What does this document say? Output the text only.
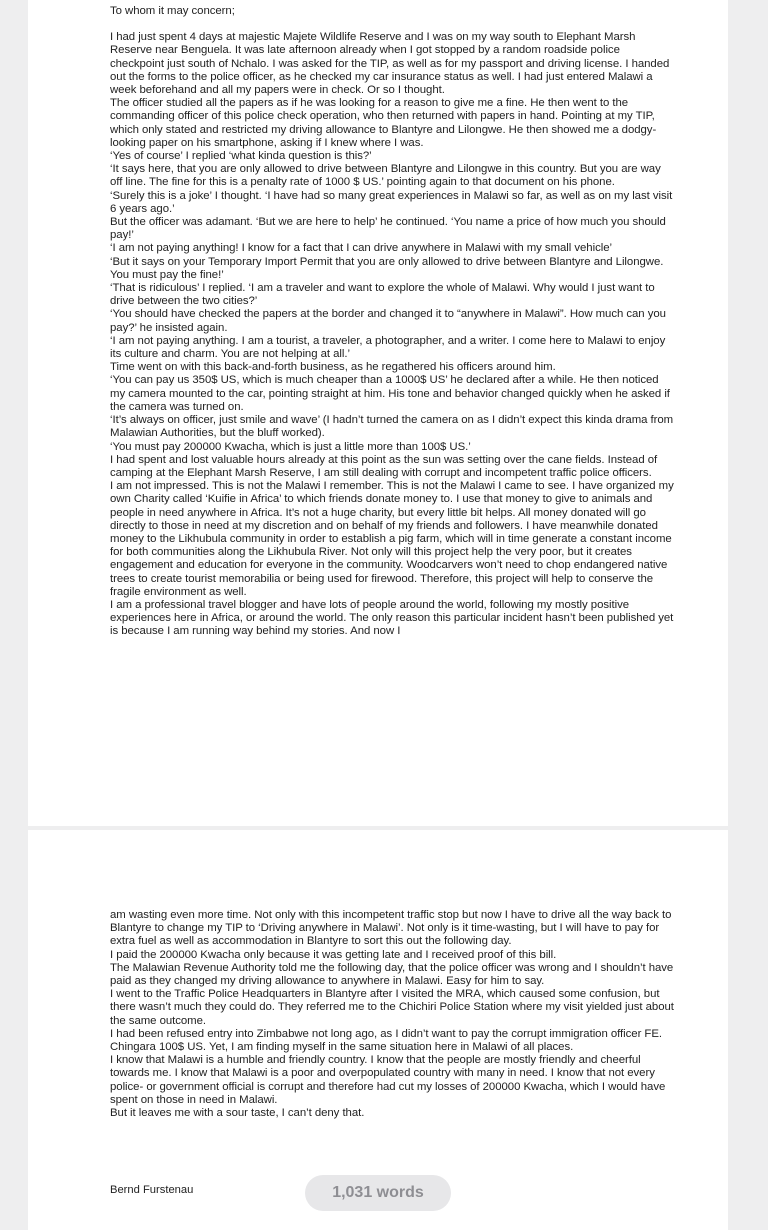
To whom it may concern;

I had just spent 4 days at majestic Majete Wildlife Reserve and I was on my way south to Elephant Marsh Reserve near Benguela. It was late afternoon already when I got stopped by a random roadside police checkpoint just south of Nchalo. I was asked for the TIP, as well as for my passport and driving license. I handed out the forms to the police officer, as he checked my car insurance status as well. I had just entered Malawi a week beforehand and all my papers were in check. Or so I thought.

The officer studied all the papers as if he was looking for a reason to give me a fine. He then went to the commanding officer of this police check operation, who then returned with papers in hand. Pointing at my TIP, which only stated and restricted my driving allowance to Blantyre and Lilongwe. He then showed me a dodgy-looking paper on his smartphone, asking if I knew where I was.

‘Yes of course’ I replied ‘what kinda question is this?’

‘It says here, that you are only allowed to drive between Blantyre and Lilongwe in this country. But you are way off line. The fine for this is a penalty rate of 1000 $ US.’ pointing again to that document on his phone.

‘Surely this is a joke’ I thought. ‘I have had so many great experiences in Malawi so far, as well as on my last visit 6 years ago.’

But the officer was adamant. ‘But we are here to help’ he continued. ‘You name a price of how much you should pay!’

‘I am not paying anything! I know for a fact that I can drive anywhere in Malawi with my small vehicle’

‘But it says on your Temporary Import Permit that you are only allowed to drive between Blantyre and Lilongwe. You must pay the fine!’

‘That is ridiculous’ I replied. ‘I am a traveler and want to explore the whole of Malawi. Why would I just want to drive between the two cities?’

‘You should have checked the papers at the border and changed it to “anywhere in Malawi”. How much can you pay?’ he insisted again.

‘I am not paying anything. I am a tourist, a traveler, a photographer, and a writer. I come here to Malawi to enjoy its culture and charm. You are not helping at all.’

Time went on with this back-and-forth business, as he regathered his officers around him.

‘You can pay us 350$ US, which is much cheaper than a 1000$ US’ he declared after a while. He then noticed my camera mounted to the car, pointing straight at him. His tone and behavior changed quickly when he asked if the camera was turned on.

‘It’s always on officer, just smile and wave’ (I hadn’t turned the camera on as I didn’t expect this kinda drama from Malawian Authorities, but the bluff worked).

‘You must pay 200000 Kwacha, which is just a little more than 100$ US.’

I had spent and lost valuable hours already at this point as the sun was setting over the cane fields. Instead of camping at the Elephant Marsh Reserve, I am still dealing with corrupt and incompetent traffic police officers.

I am not impressed. This is not the Malawi I remember. This is not the Malawi I came to see. I have organized my own Charity called ‘Kuifie in Africa’ to which friends donate money to. I use that money to give to animals and people in need anywhere in Africa. It’s not a huge charity, but every little bit helps. All money donated will go directly to those in need at my discretion and on behalf of my friends and followers. I have meanwhile donated money to the Likhubula community in order to establish a pig farm, which will in time generate a constant income for both communities along the Likhubula River. Not only will this project help the very poor, but it creates engagement and education for everyone in the community. Woodcarvers won’t need to chop endangered native trees to create tourist memorabilia or being used for firewood. Therefore, this project will help to conserve the fragile environment as well.

I am a professional travel blogger and have lots of people around the world, following my mostly positive experiences here in Africa, or around the world. The only reason this particular incident hasn’t been published yet is because I am running way behind my stories. And now I

am wasting even more time. Not only with this incompetent traffic stop but now I have to drive all the way back to Blantyre to change my TIP to ‘Driving anywhere in Malawi’. Not only is it time-wasting, but I will have to pay for extra fuel as well as accommodation in Blantyre to sort this out the following day.

I paid the 200000 Kwacha only because it was getting late and I received proof of this bill.

The Malawian Revenue Authority told me the following day, that the police officer was wrong and I shouldn’t have paid as they changed my driving allowance to anywhere in Malawi. Easy for him to say.

I went to the Traffic Police Headquarters in Blantyre after I visited the MRA, which caused some confusion, but there wasn’t much they could do. They referred me to the Chichiri Police Station where my visit yielded just about the same outcome.

I had been refused entry into Zimbabwe not long ago, as I didn’t want to pay the corrupt immigration officer FE. Chingara 100$ US. Yet, I am finding myself in the same situation here in Malawi of all places.

I know that Malawi is a humble and friendly country. I know that the people are mostly friendly and cheerful towards me. I know that Malawi is a poor and overpopulated country with many in need. I know that not every police- or government official is corrupt and therefore had cut my losses of 200000 Kwacha, which I would have spent on those in need in Malawi.

But it leaves me with a sour taste, I can’t deny that.

Bernd Furstenau	1,031 words
